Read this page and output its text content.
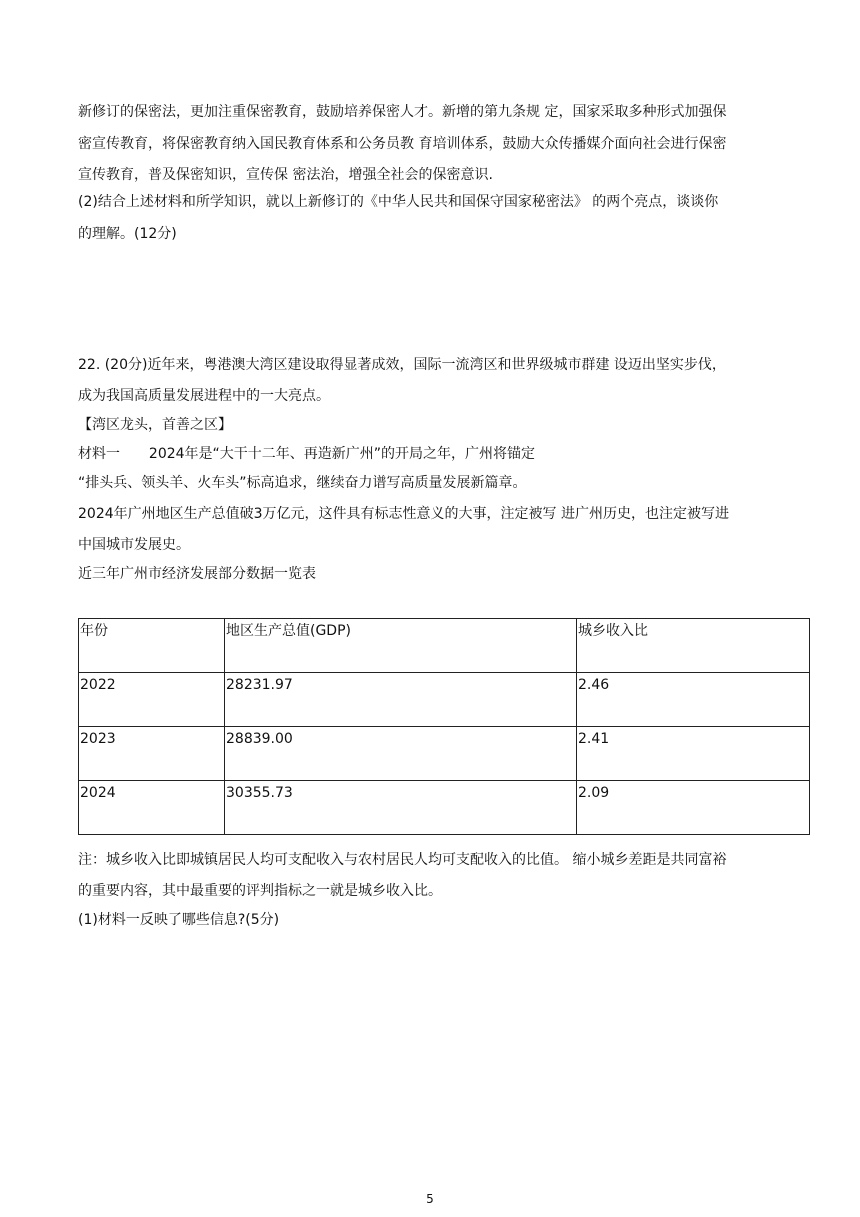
新修订的保密法，更加注重保密教育，鼓励培养保密人才。新增的第九条规 定，国家采取多种形式加强保
密宣传教育，将保密教育纳入国民教育体系和公务员教 育培训体系，鼓励大众传播媒介面向社会进行保密
宣传教育，普及保密知识，宣传保 密法治，增强全社会的保密意识.
(2)结合上述材料和所学知识，就以上新修订的《中华人民共和国保守国家秘密法》 的两个亮点，谈谈你
的理解。(12分)
22. (20分)近年来，粤港澳大湾区建设取得显著成效，国际一流湾区和世界级城市群建 设迈出坚实步伐，
成为我国高质量发展进程中的一大亮点。
【湾区龙头，首善之区】
材料一 2024年是“大干十二年、再造新广州”的开局之年，广州将锚定
“排头兵、领头羊、火车头”标高追求，继续奋力谱写高质量发展新篇章。
2024年广州地区生产总值破3万亿元，这件具有标志性意义的大事，注定被写 进广州历史，也注定被写进
中国城市发展史。
近三年广州市经济发展部分数据一览表
年份	地区生产总值(GDP)	城乡收入比
2022	28231.97	2.46
2023	28839.00	2.41
2024	30355.73	2.09
注：城乡收入比即城镇居民人均可支配收入与农村居民人均可支配收入的比值。 缩小城乡差距是共同富裕
的重要内容，其中最重要的评判指标之一就是城乡收入比。
(1)材料一反映了哪些信息?(5分)
5
